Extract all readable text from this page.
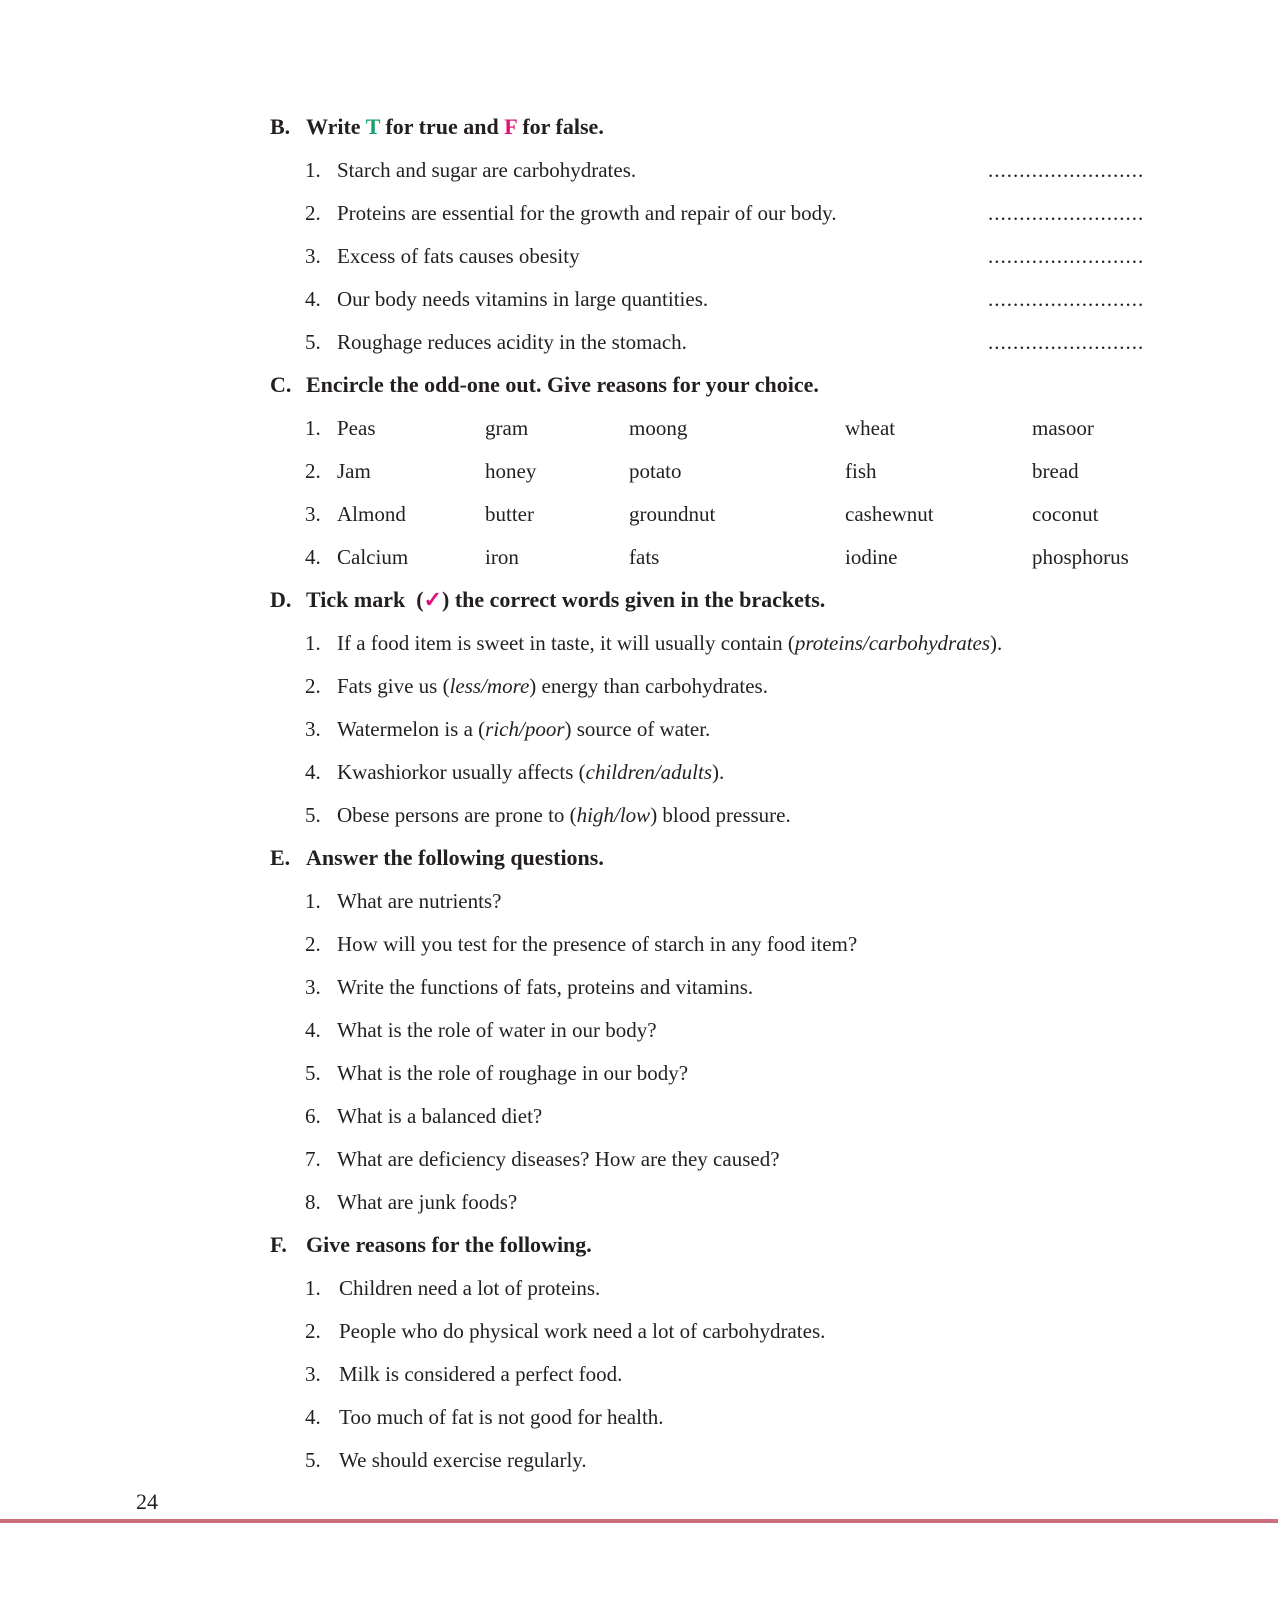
B. Write T for true and F for false.
1. Starch and sugar are carbohydrates.	.........................
2. Proteins are essential for the growth and repair of our body.	.........................
3. Excess of fats causes obesity	.........................
4. Our body needs vitamins in large quantities.	.........................
5. Roughage reduces acidity in the stomach.	.........................
C. Encircle the odd-one out. Give reasons for your choice.
1. Peas	gram	moong	wheat	masoor
2. Jam	honey	potato	fish	bread
3. Almond	butter	groundnut	cashewnut	coconut
4. Calcium	iron	fats	iodine	phosphorus
D. Tick mark (✓) the correct words given in the brackets.
1. If a food item is sweet in taste, it will usually contain (proteins/carbohydrates).
2. Fats give us (less/more) energy than carbohydrates.
3. Watermelon is a (rich/poor) source of water.
4. Kwashiorkor usually affects (children/adults).
5. Obese persons are prone to (high/low) blood pressure.
E. Answer the following questions.
1. What are nutrients?
2. How will you test for the presence of starch in any food item?
3. Write the functions of fats, proteins and vitamins.
4. What is the role of water in our body?
5. What is the role of roughage in our body?
6. What is a balanced diet?
7. What are deficiency diseases? How are they caused?
8. What are junk foods?
F. Give reasons for the following.
1. Children need a lot of proteins.
2. People who do physical work need a lot of carbohydrates.
3. Milk is considered a perfect food.
4. Too much of fat is not good for health.
5. We should exercise regularly.
24
